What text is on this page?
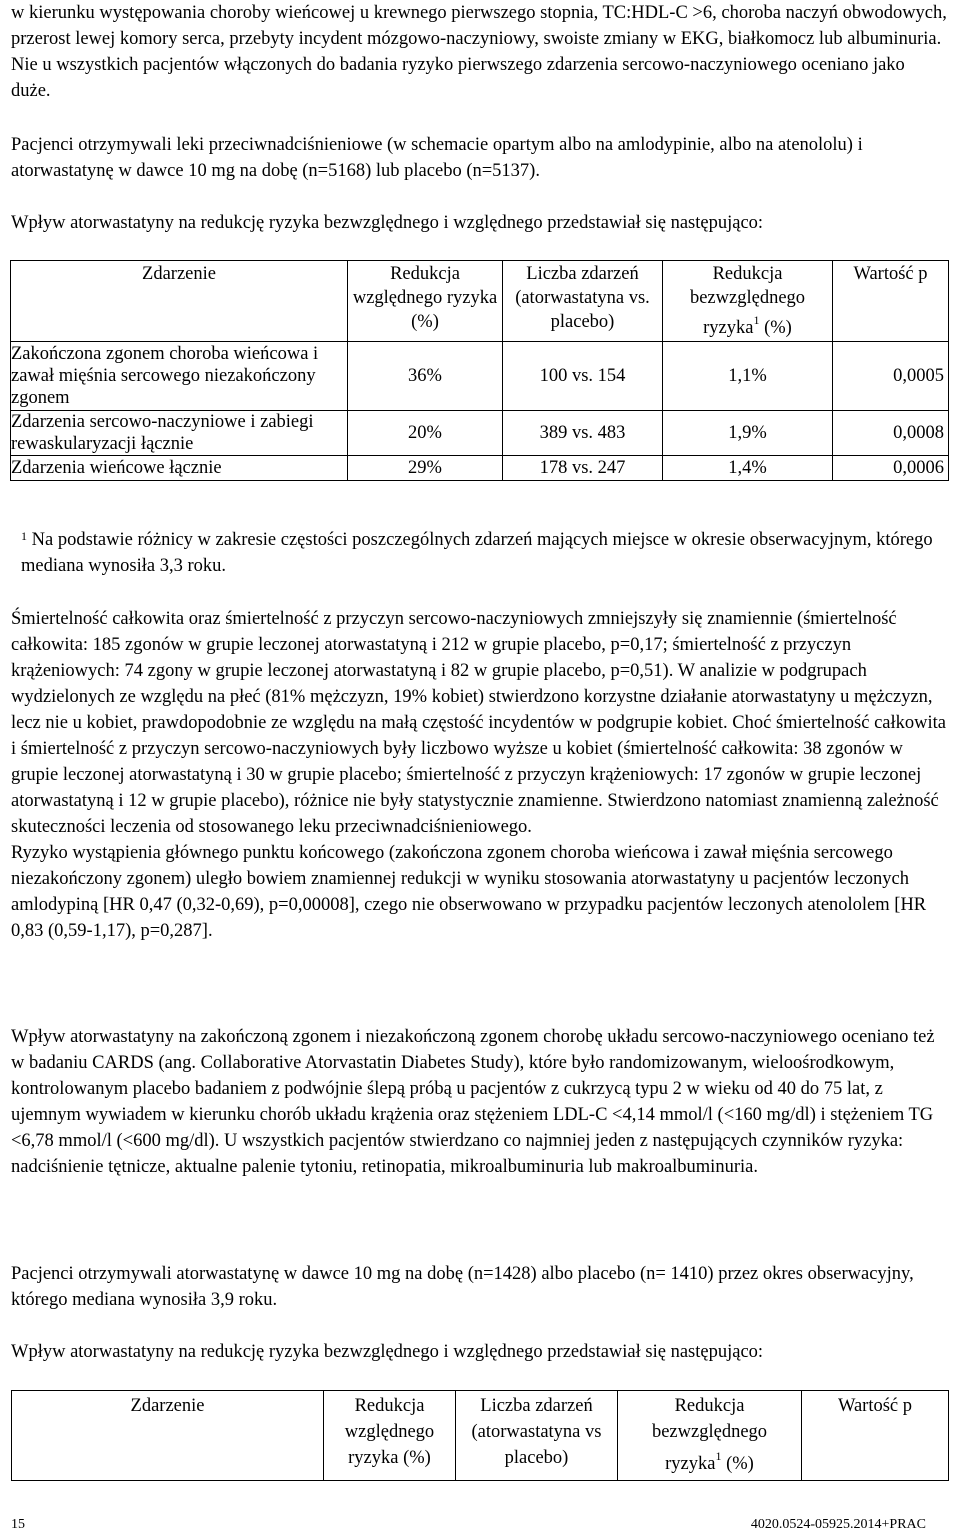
w kierunku występowania choroby wieńcowej u krewnego pierwszego stopnia, TC:HDL-C >6, choroba naczyń obwodowych, przerost lewej komory serca, przebyty incydent mózgowo-naczyniowy, swoiste zmiany w EKG, białkomocz lub albuminuria. Nie u wszystkich pacjentów włączonych do badania ryzyko pierwszego zdarzenia sercowo-naczyniowego oceniano jako duże.

Pacjenci otrzymywali leki przeciwnadciśnieniowe (w schemacie opartym albo na amlodypinie, albo na atenololu) i atorwastatynę w dawce 10 mg na dobę (n=5168) lub placebo (n=5137).

Wpływ atorwastatyny na redukcję ryzyka bezwzględnego i względnego przedstawiał się następująco:

Zdarzenie	Redukcja względnego ryzyka (%)	Liczba zdarzeń (atorwastatyna vs. placebo)	Redukcja bezwzględnego ryzyka$^1$ (%)	Wartość p
Zakończona zgonem choroba wieńcowa i zawał mięśnia sercowego niezakończony zgonem	36%	100 vs. 154	1,1%	0,0005
Zdarzenia sercowo-naczyniowe i zabiegi rewaskularyzacji łącznie	20%	389 vs. 483	1,9%	0,0008
Zdarzenia wieńcowe łącznie	29%	178 vs. 247	1,4%	0,0006

$^1$ Na podstawie różnicy w zakresie częstości poszczególnych zdarzeń mających miejsce w okresie obserwacyjnym, którego mediana wynosiła 3,3 roku.

Śmiertelność całkowita oraz śmiertelność z przyczyn sercowo-naczyniowych zmniejszyły się znamiennie (śmiertelność całkowita: 185 zgonów w grupie leczonej atorwastatyną i 212 w grupie placebo, p=0,17; śmiertelność z przyczyn krążeniowych: 74 zgony w grupie leczonej atorwastatyną i 82 w grupie placebo, p=0,51). W analizie w podgrupach wydzielonych ze względu na płeć (81% mężczyzn, 19% kobiet) stwierdzono korzystne działanie atorwastatyny u mężczyzn, lecz nie u kobiet, prawdopodobnie ze względu na małą częstość incydentów w podgrupie kobiet. Choć śmiertelność całkowita i śmiertelność z przyczyn sercowo-naczyniowych były liczbowo wyższe u kobiet (śmiertelność całkowita: 38 zgonów w grupie leczonej atorwastatyną i 30 w grupie placebo; śmiertelność z przyczyn krążeniowych: 17 zgonów w grupie leczonej atorwastatyną i 12 w grupie placebo), różnice nie były statystycznie znamienne. Stwierdzono natomiast znamienną zależność skuteczności leczenia od stosowanego leku przeciwnadciśnieniowego.

Ryzyko wystąpienia głównego punktu końcowego (zakończona zgonem choroba wieńcowa i zawał mięśnia sercowego niezakończony zgonem) uległo bowiem znamiennej redukcji w wyniku stosowania atorwastatyny u pacjentów leczonych amlodypiną [HR 0,47 (0,32-0,69), p=0,00008], czego nie obserwowano w przypadku pacjentów leczonych atenololem [HR 0,83 (0,59-1,17), p=0,287].

Wpływ atorwastatyny na zakończoną zgonem i niezakończoną zgonem chorobę układu sercowo-naczyniowego oceniano też w badaniu CARDS (ang. Collaborative Atorvastatin Diabetes Study), które było randomizowanym, wieloośrodkowym, kontrolowanym placebo badaniem z podwójnie ślepą próbą u pacjentów z cukrzycą typu 2 w wieku od 40 do 75 lat, z ujemnym wywiadem w kierunku chorób układu krążenia oraz stężeniem LDL-C <4,14 mmol/l (<160 mg/dl) i stężeniem TG <6,78 mmol/l (<600 mg/dl). U wszystkich pacjentów stwierdzano co najmniej jeden z następujących czynników ryzyka: nadciśnienie tętnicze, aktualne palenie tytoniu, retinopatia, mikroalbuminuria lub makroalbuminuria.

Pacjenci otrzymywali atorwastatynę w dawce 10 mg na dobę (n=1428) albo placebo (n= 1410) przez okres obserwacyjny, którego mediana wynosiła 3,9 roku.

Wpływ atorwastatyny na redukcję ryzyka bezwzględnego i względnego przedstawiał się następująco:

Zdarzenie	Redukcja względnego ryzyka (%)	Liczba zdarzeń (atorwastatyna vs placebo)	Redukcja bezwzględnego ryzyka$^1$ (%)	Wartość p
15	4020.0524-05925.2014+PRAC
